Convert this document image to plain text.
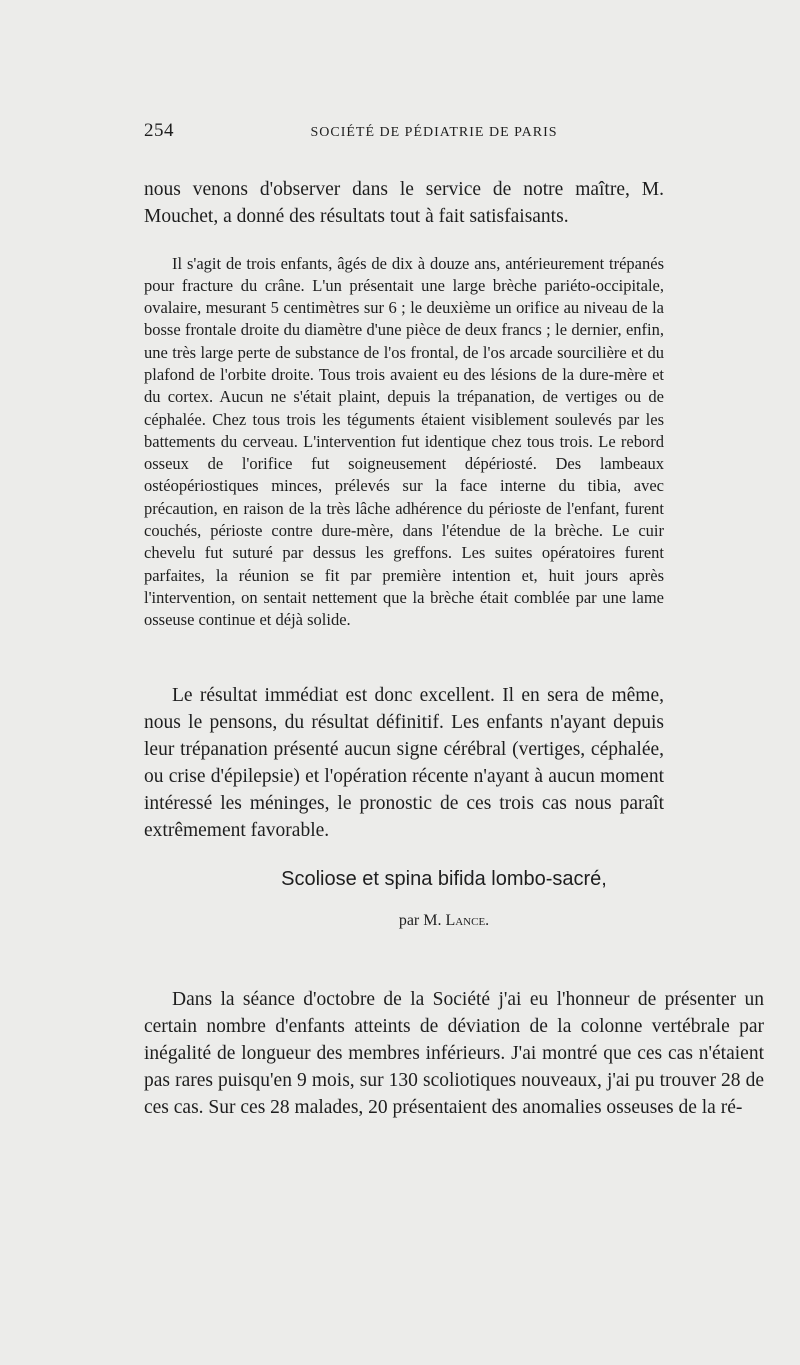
254	SOCIÉTÉ DE PÉDIATRIE DE PARIS

nous venons d'observer dans le service de notre maître, M. Mouchet, a donné des résultats tout à fait satisfaisants.

Il s'agit de trois enfants, âgés de dix à douze ans, antérieurement trépanés pour fracture du crâne. L'un présentait une large brèche pariéto-occipitale, ovalaire, mesurant 5 centimètres sur 6 ; le deuxième un orifice au niveau de la bosse frontale droite du diamètre d'une pièce de deux francs ; le dernier, enfin, une très large perte de substance de l'os frontal, de l'os arcade sourcilière et du plafond de l'orbite droite. Tous trois avaient eu des lésions de la dure-mère et du cortex. Aucun ne s'était plaint, depuis la trépanation, de vertiges ou de céphalée. Chez tous trois les téguments étaient visiblement soulevés par les battements du cerveau. L'intervention fut identique chez tous trois. Le rebord osseux de l'orifice fut soigneusement dépériosté. Des lambeaux ostéopériostiques minces, prélevés sur la face interne du tibia, avec précaution, en raison de la très lâche adhérence du périoste de l'enfant, furent couchés, périoste contre dure-mère, dans l'étendue de la brèche. Le cuir chevelu fut suturé par dessus les greffons. Les suites opératoires furent parfaites, la réunion se fit par première intention et, huit jours après l'intervention, on sentait nettement que la brèche était comblée par une lame osseuse continue et déjà solide.

Le résultat immédiat est donc excellent. Il en sera de même, nous le pensons, du résultat définitif. Les enfants n'ayant depuis leur trépanation présenté aucun signe cérébral (vertiges, céphalée, ou crise d'épilepsie) et l'opération récente n'ayant à aucun moment intéressé les méninges, le pronostic de ces trois cas nous paraît extrêmement favorable.

Scoliose et spina bifida lombo-sacré,
par M. Lance.

Dans la séance d'octobre de la Société j'ai eu l'honneur de présenter un certain nombre d'enfants atteints de déviation de la colonne vertébrale par inégalité de longueur des membres inférieurs. J'ai montré que ces cas n'étaient pas rares puisqu'en 9 mois, sur 130 scoliotiques nouveaux, j'ai pu trouver 28 de ces cas. Sur ces 28 malades, 20 présentaient des anomalies osseuses de la ré-
